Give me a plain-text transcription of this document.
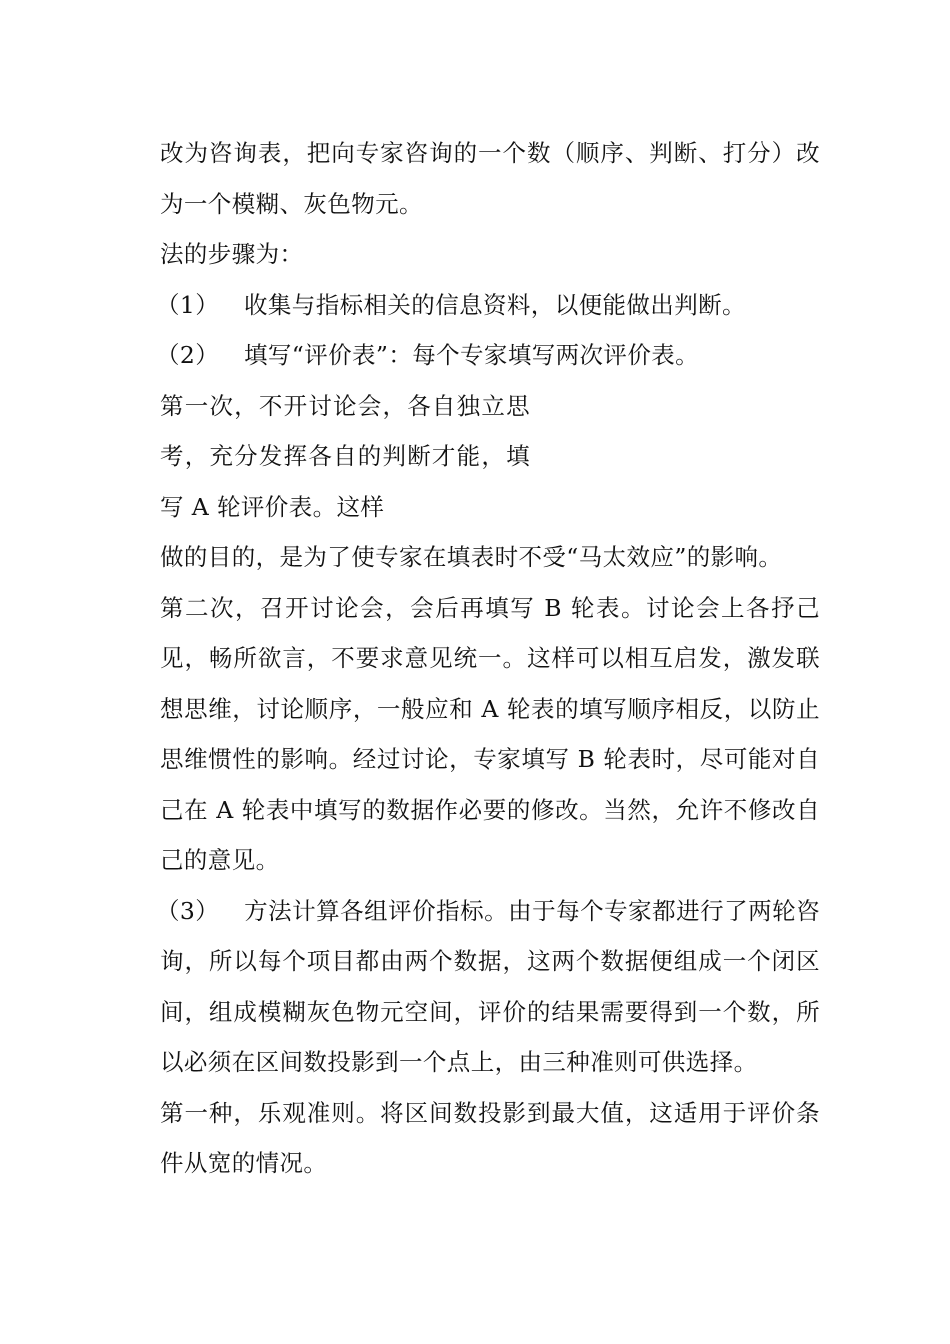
改为咨询表，把向专家咨询的一个数（顺序、判断、打分）改为一个模糊、灰色物元。

法的步骤为：

（1） 收集与指标相关的信息资料，以便能做出判断。

（2） 填写“评价表”：每个专家填写两次评价表。

第一次，不开讨论会，各自独立思考，充分发挥各自的判断才能，填写 A 轮评价表。这样

做的目的，是为了使专家在填表时不受“马太效应”的影响。

第二次，召开讨论会，会后再填写 B 轮表。讨论会上各抒己见，畅所欲言，不要求意见统一。这样可以相互启发，激发联想思维，讨论顺序，一般应和 A 轮表的填写顺序相反，以防止思维惯性的影响。经过讨论，专家填写 B 轮表时，尽可能对自己在 A 轮表中填写的数据作必要的修改。当然，允许不修改自己的意见。

（3） 方法计算各组评价指标。由于每个专家都进行了两轮咨询，所以每个项目都由两个数据，这两个数据便组成一个闭区间，组成模糊灰色物元空间，评价的结果需要得到一个数，所以必须在区间数投影到一个点上，由三种准则可供选择。

第一种，乐观准则。将区间数投影到最大值，这适用于评价条件从宽的情况。
